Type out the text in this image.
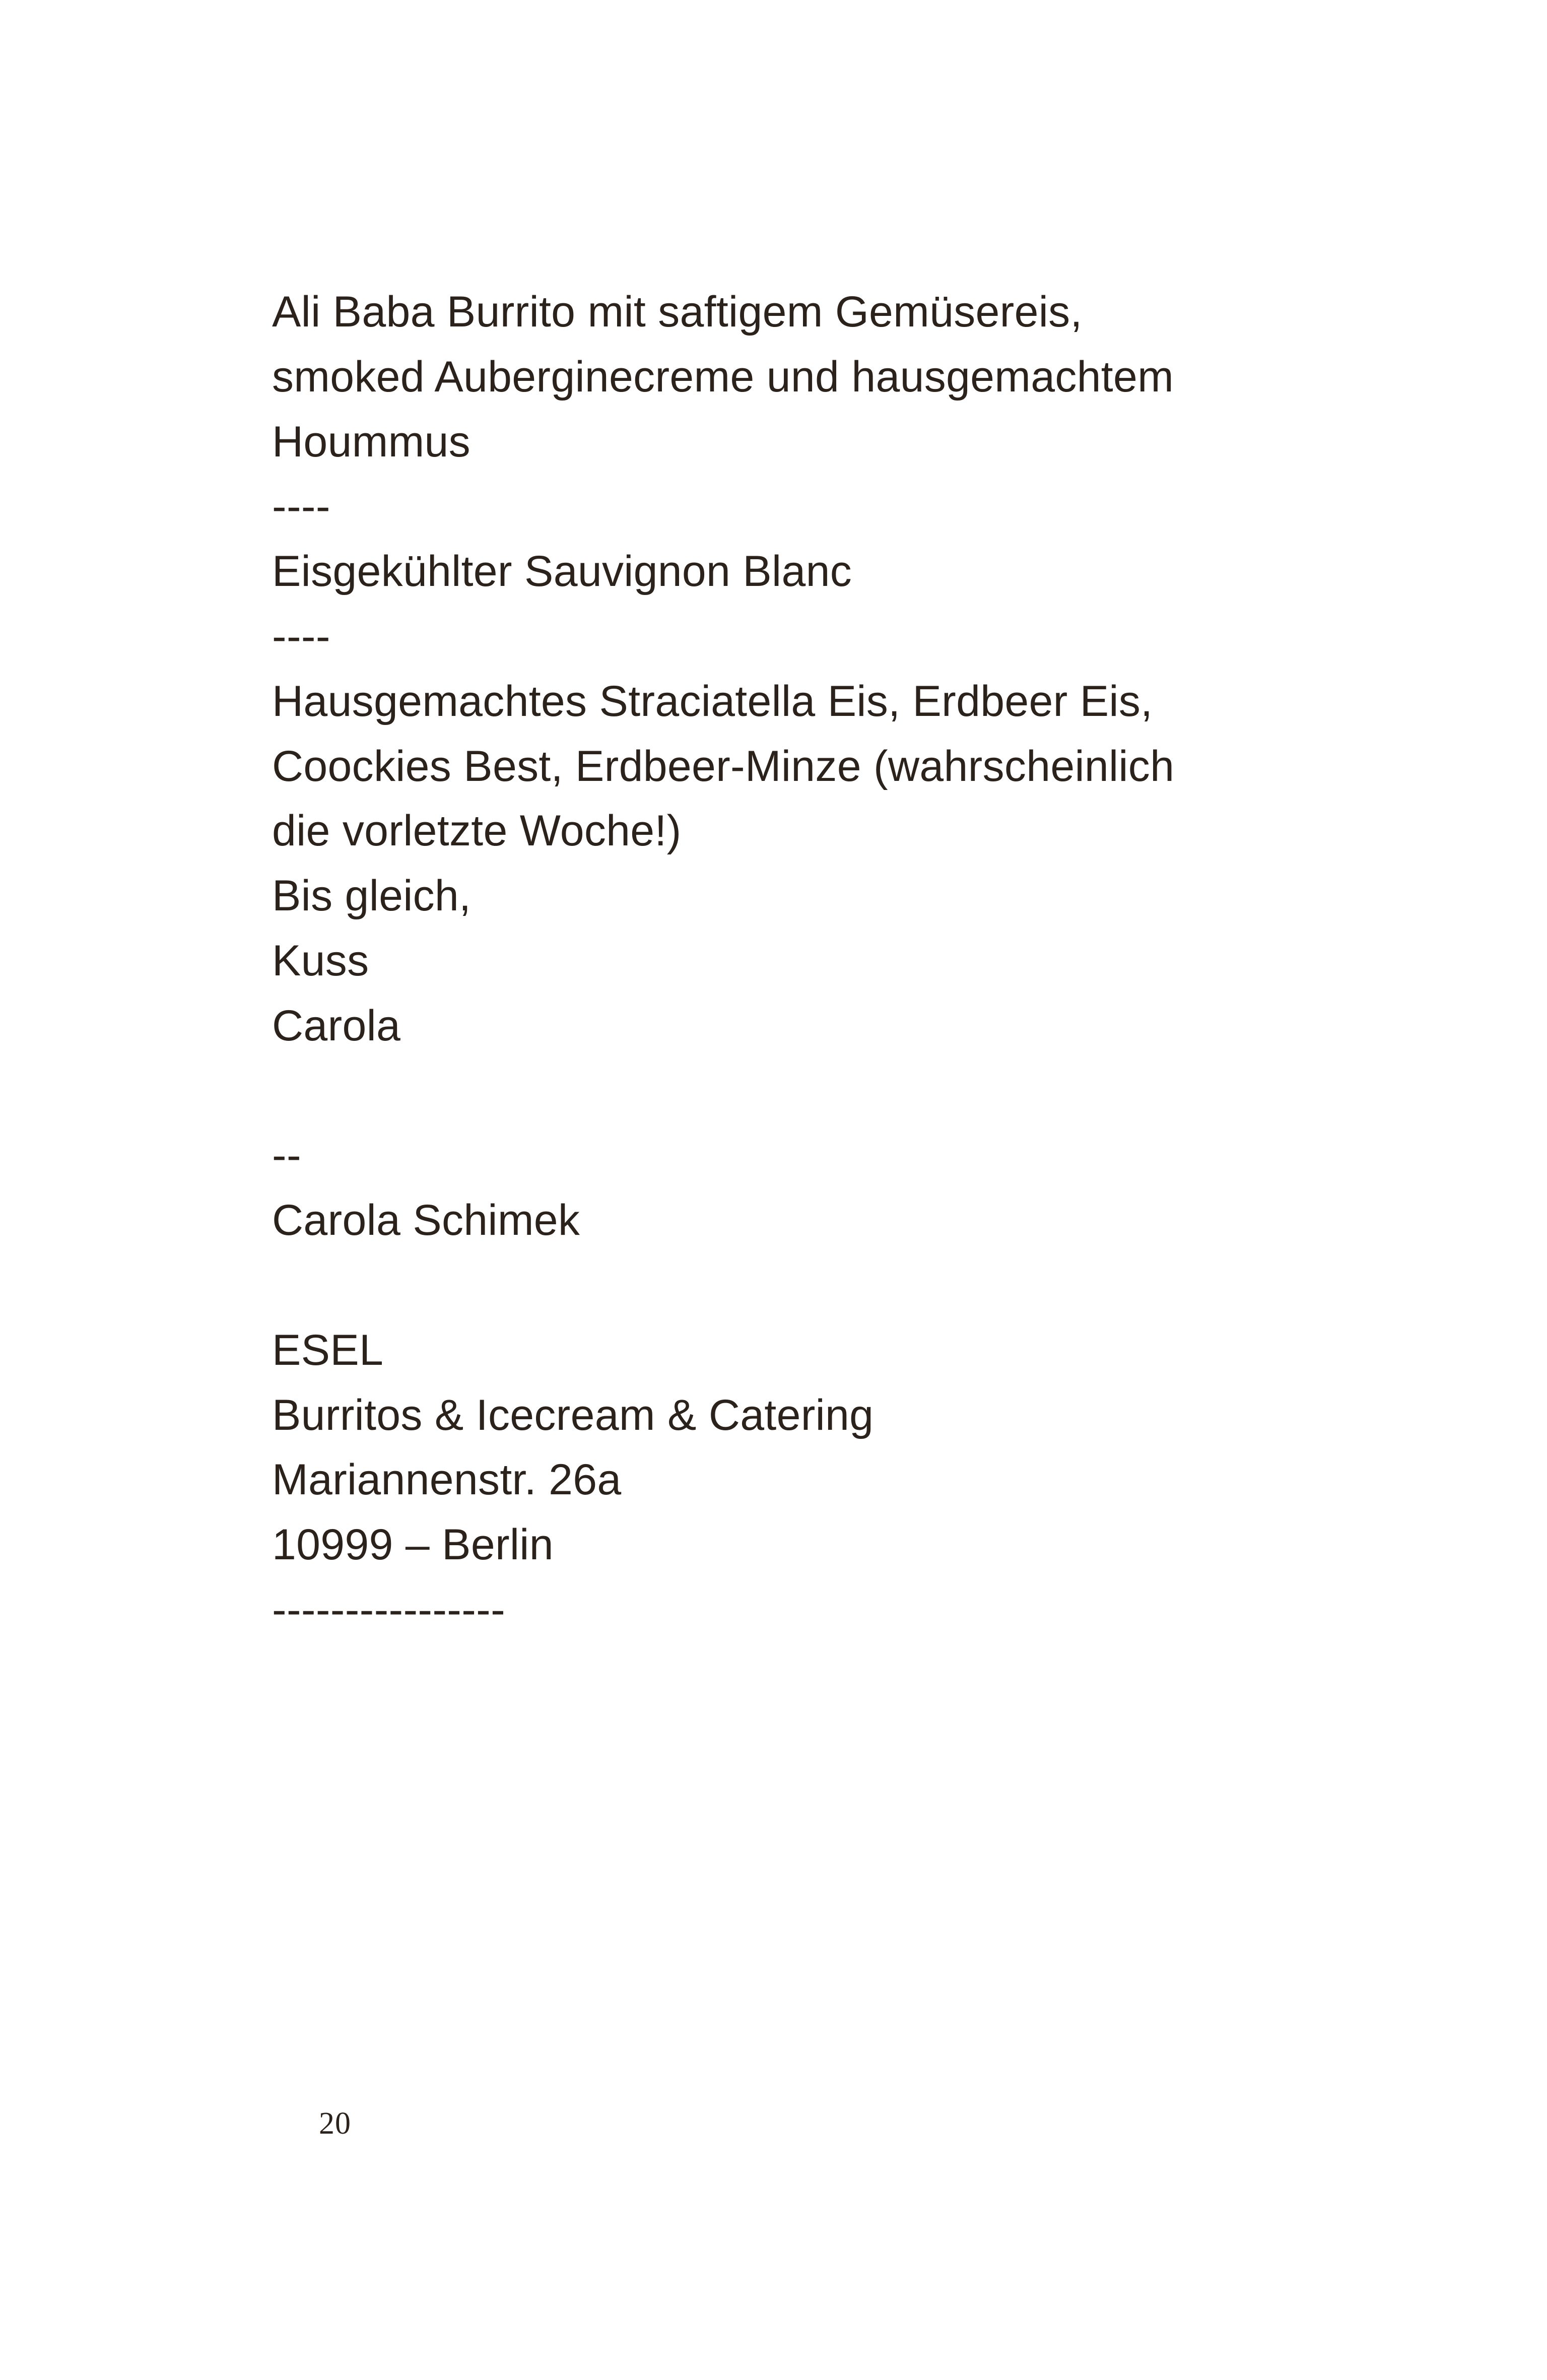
Ali Baba Burrito mit saftigem Gemüsereis,
smoked Auberginecreme und hausgemachtem
Hoummus
----
Eisgekühlter Sauvignon Blanc
----
Hausgemachtes Straciatella Eis, Erdbeer Eis,
Coockies Best, Erdbeer-Minze (wahrscheinlich
die vorletzte Woche!)
Bis gleich,
Kuss
Carola
--
Carola Schimek
ESEL
Burritos & Icecream & Catering
Mariannenstr. 26a
10999 – Berlin
----------------
20
